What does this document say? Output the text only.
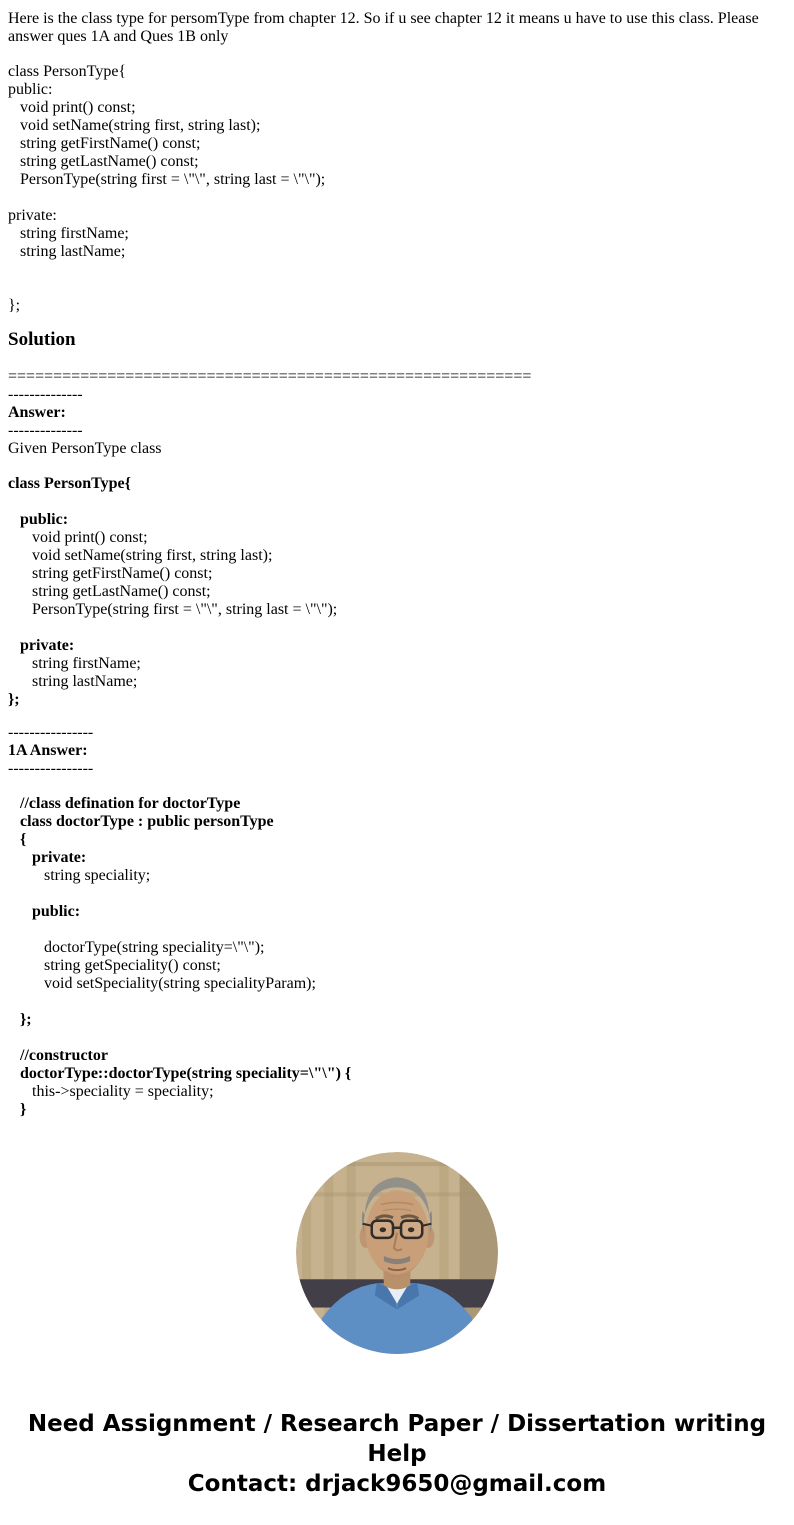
Here is the class type for persomType from chapter 12. So if u see chapter 12 it means u have to use this class. Please answer ques 1A and Ques 1B only

class PersonType{
public:
void print() const;
void setName(string first, string last);
string getFirstName() const;
string getLastName() const;
PersonType(string first = \"\", string last = \"\");

private:
string firstName;
string lastName;

};
Solution
==========================================================
--------------
Answer:
--------------
Given PersonType class
class PersonType{

public:
void print() const;
void setName(string first, string last);
string getFirstName() const;
string getLastName() const;
PersonType(string first = \"\", string last = \"\");

private:
string firstName;
string lastName;
};
----------------
1A Answer:
----------------
//class defination for doctorType
class doctorType : public personType
{
private:
string speciality;

public:

doctorType(string speciality=\"\");
string getSpeciality() const;
void setSpeciality(string specialityParam);

};

//constructor
doctorType::doctorType(string speciality=\"\") {
this->speciality = speciality;
}
Need Assignment / Research Paper / Dissertation writing Help
Contact: drjack9650@gmail.com
